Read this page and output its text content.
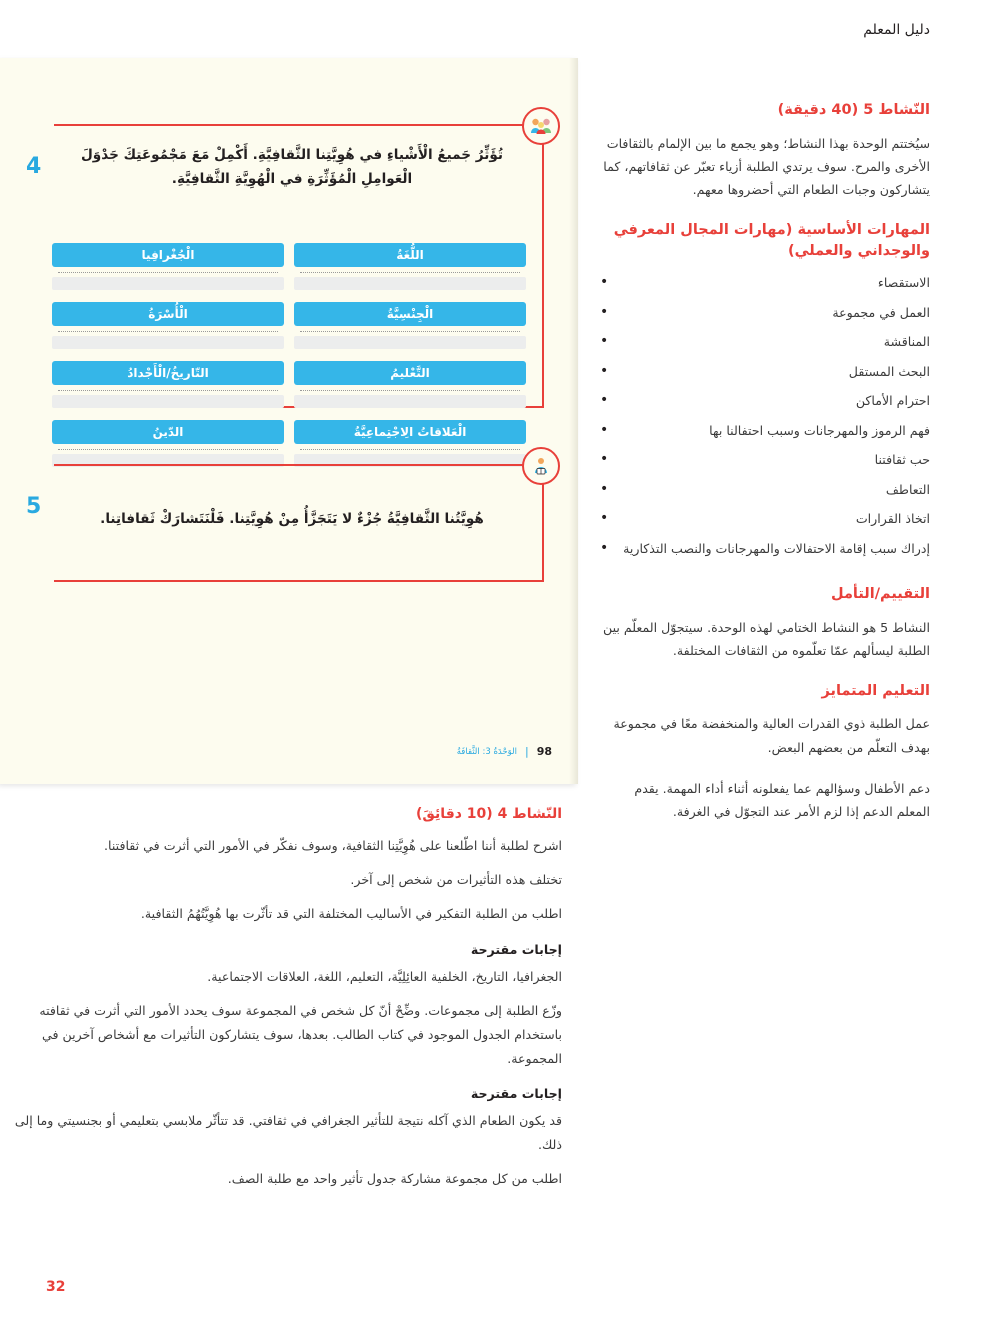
دليل المعلم
النّشاط 5 (40 دقيقة)

سيُختتم الوحدة بهذا النشاط؛ وهو يجمع ما بين الإلمام بالثقافات الأخرى والمرح. سوف يرتدي الطلبة أزياء تعبّر عن ثقافاتهم، كما يتشاركون وجبات الطعام التي أحضروها معهم.

المهارات الأساسية (مهارات المجال المعرفي والوجداني والعملي)
الاستقصاء •
العمل في مجموعة •
المناقشة •
البحث المستقل •
احترام الأماكن •
فهم الرموز والمهرجانات وسبب احتفالنا بها •
حب ثقافتنا •
التعاطف •
اتخاذ القرارات •
إدراك سبب إقامة الاحتفالات والمهرجانات والنصب التذكارية •
التقييم/التأمل

النشاط 5 هو النشاط الختامي لهذه الوحدة. سيتجوّل المعلّم بين الطلبة ليسألهم عمّا تعلّموه من الثقافات المختلفة.

التعليم المتمايز

عمل الطلبة ذوي القدرات العالية والمنخفضة معًا في مجموعة بهدف التعلّم من بعضهم البعض.

دعم الأطفال وسؤالهم عما يفعلونه أثناء أداء المهمة. يقدم المعلم الدعم إذا لزم الأمر عند التجوّل في الغرفة.

4	تُؤَثِّرُ جَميعُ الْأَشْياءِ في هُوِيَّتِنا الثَّقافِيَّةِ. أَكْمِلْ مَعَ مَجْمُوعَتِكَ جَدْوَلَ الْعَوامِلِ الْمُؤَثِّرَةِ في الْهُوِيَّةِ الثَّقافِيَّةِ.
اللُّغَةُ
الْجِنْسِيَّةُ
التَّعْليمُ
الْعَلاقاتُ الِاجْتِماعِيَّةُ
الْجُغْرافِيا
الْأُسْرَةُ
التّاريخُ/الْأَجْدادُ
الدّينُ
5	هُوِيَّتُنا الثَّقافِيَّةُ جُزْءٌ لا يَتَجَزَّأُ مِنْ هُوِيَّتِنا. فَلْنَتَشارَكْ ثَقافاتِنا.
98
|
الوَحْدَةُ 3: الثَّقافَةُ
النّشاط 4 (10 دقائِقَ)

اشرح لطلبة أننا اطّلعنا على هُوِيَّتِنا الثقافية، وسوف نفكّر في الأمور التي أثرت في ثقافتنا.

تختلف هذه التأثيرات من شخص إلى آخر.

اطلب من الطلبة التفكير في الأساليب المختلفة التي قد تأثّرت بها هُوِيَّتُهُمُ الثقافية.

إجابات مقترحة

الجغرافيا، التاريخ، الخلفية العائِلِيَّة، التعليم، اللغة، العلاقات الاجتماعية.

وزّع الطلبة إلى مجموعات. وضِّحْ أنّ كل شخص في المجموعة سوف يحدد الأمور التي أثرت في ثقافته باستخدام الجدول الموجود في كتاب الطالب. بعدها، سوف يتشاركون التأثيرات مع أشخاص آخرين في المجموعة.

إجابات مقترحة

قد يكون الطعام الذي آكله نتيجة للتأثير الجغرافي في ثقافتي. قد تتأثّر ملابسي بتعليمي أو بجنسيتي وما إلى ذلك.

اطلب من كل مجموعة مشاركة جدول تأثير واحد مع طلبة الصف.

32
